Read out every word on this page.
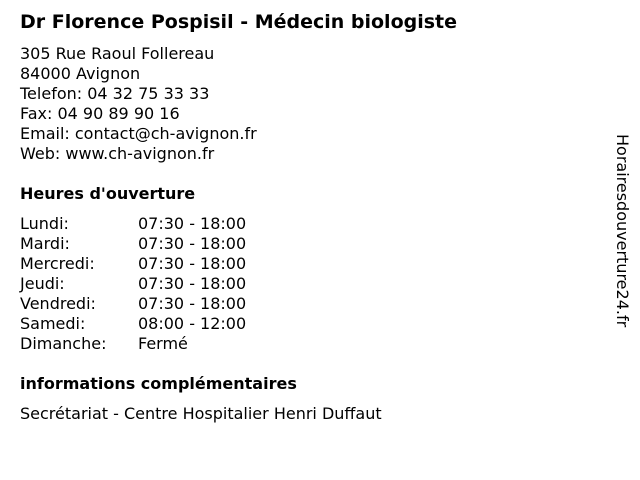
Dr Florence Pospisil - Médecin biologiste
305 Rue Raoul Follereau
84000 Avignon
Telefon: 04 32 75 33 33
Fax: 04 90 89 90 16
Email: contact@ch-avignon.fr
Web: www.ch-avignon.fr
Heures d'ouverture
Lundi:	07:30 - 18:00
Mardi:	07:30 - 18:00
Mercredi:	07:30 - 18:00
Jeudi:	07:30 - 18:00
Vendredi:	07:30 - 18:00
Samedi:	08:00 - 12:00
Dimanche:	Fermé
informations complémentaires
Secrétariat - Centre Hospitalier Henri Duffaut
Horairesdouverture24.fr
